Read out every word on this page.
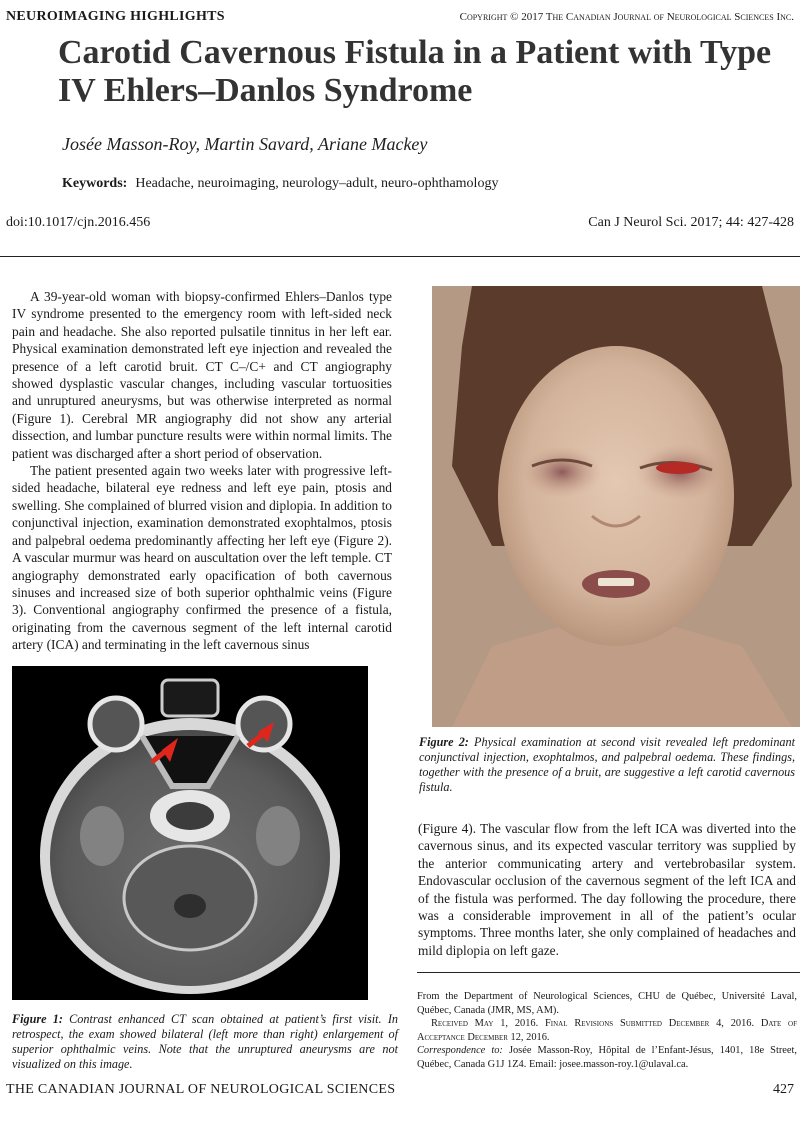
NEUROIMAGING HIGHLIGHTS	Copyright © 2017 The Canadian Journal of Neurological Sciences Inc.
Carotid Cavernous Fistula in a Patient with Type IV Ehlers–Danlos Syndrome
Josée Masson-Roy, Martin Savard, Ariane Mackey
Keywords: Headache, neuroimaging, neurology–adult, neuro-ophthamology
doi:10.1017/cjn.2016.456	Can J Neurol Sci. 2017; 44: 427-428

A 39-year-old woman with biopsy-confirmed Ehlers–Danlos type IV syndrome presented to the emergency room with left-sided neck pain and headache. She also reported pulsatile tinnitus in her left ear. Physical examination demonstrated left eye injection and revealed the presence of a left carotid bruit. CT C–/C+ and CT angiography showed dysplastic vascular changes, including vascular tortuosities and unruptured aneurysms, but was otherwise interpreted as normal (Figure 1). Cerebral MR angiography did not show any arterial dissection, and lumbar puncture results were within normal limits. The patient was discharged after a short period of observation.

The patient presented again two weeks later with progressive left-sided headache, bilateral eye redness and left eye pain, ptosis and swelling. She complained of blurred vision and diplopia. In addition to conjunctival injection, examination demonstrated exophtalmos, ptosis and palpebral oedema predominantly affecting her left eye (Figure 2). A vascular murmur was heard on auscultation over the left temple. CT angiography demonstrated early opacification of both cavernous sinuses and increased size of both superior ophthalmic veins (Figure 3). Conventional angiography confirmed the presence of a fistula, originating from the cavernous segment of the left internal carotid artery (ICA) and terminating in the left cavernous sinus

Figure 1: Contrast enhanced CT scan obtained at patient’s first visit. In retrospect, the exam showed bilateral (left more than right) enlargement of superior ophthalmic veins. Note that the unruptured aneurysms are not visualized on this image.
Figure 2: Physical examination at second visit revealed left predominant conjunctival injection, exophtalmos, and palpebral oedema. These findings, together with the presence of a bruit, are suggestive a left carotid cavernous fistula.

(Figure 4). The vascular flow from the left ICA was diverted into the cavernous sinus, and its expected vascular territory was supplied by the anterior communicating artery and vertebrobasilar system. Endovascular occlusion of the cavernous segment of the left ICA and of the fistula was performed. The day following the procedure, there was a considerable improvement in all of the patient’s ocular symptoms. Three months later, she only complained of headaches and mild diplopia on left gaze.

From the Department of Neurological Sciences, CHU de Québec, Université Laval, Québec, Canada (JMR, MS, AM).

Received May 1, 2016. Final Revisions Submitted December 4, 2016. Date of Acceptance December 12, 2016.

Correspondence to: Josée Masson-Roy, Hôpital de l’Enfant-Jésus, 1401, 18e Street, Québec, Canada G1J 1Z4. Email: josee.masson-roy.1@ulaval.ca.

THE CANADIAN JOURNAL OF NEUROLOGICAL SCIENCES	427
